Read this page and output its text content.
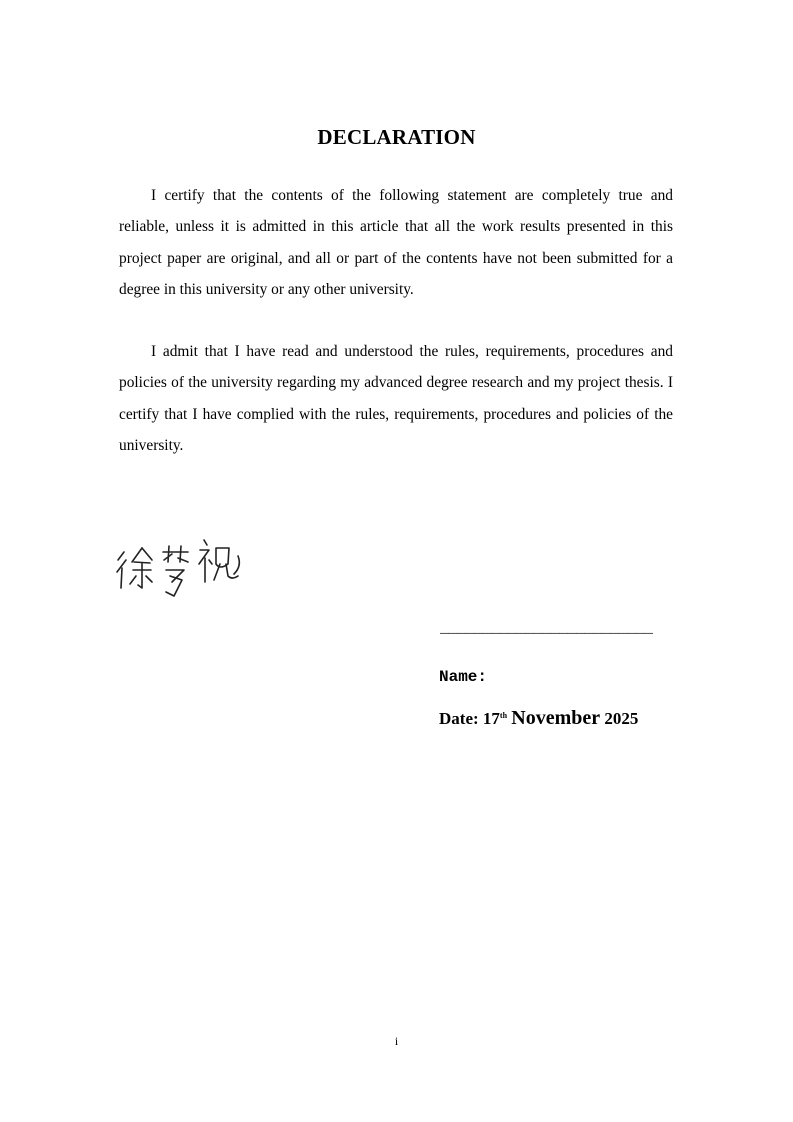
DECLARATION

I certify that the contents of the following statement are completely true and reliable, unless it is admitted in this article that all the work results presented in this project paper are original, and all or part of the contents have not been submitted for a degree in this university or any other university.

I admit that I have read and understood the rules, requirements, procedures and policies of the university regarding my advanced degree research and my project thesis. I certify that I have complied with the rules, requirements, procedures and policies of the university.

_________________________

Name:

Date: 17th November 2025

i
